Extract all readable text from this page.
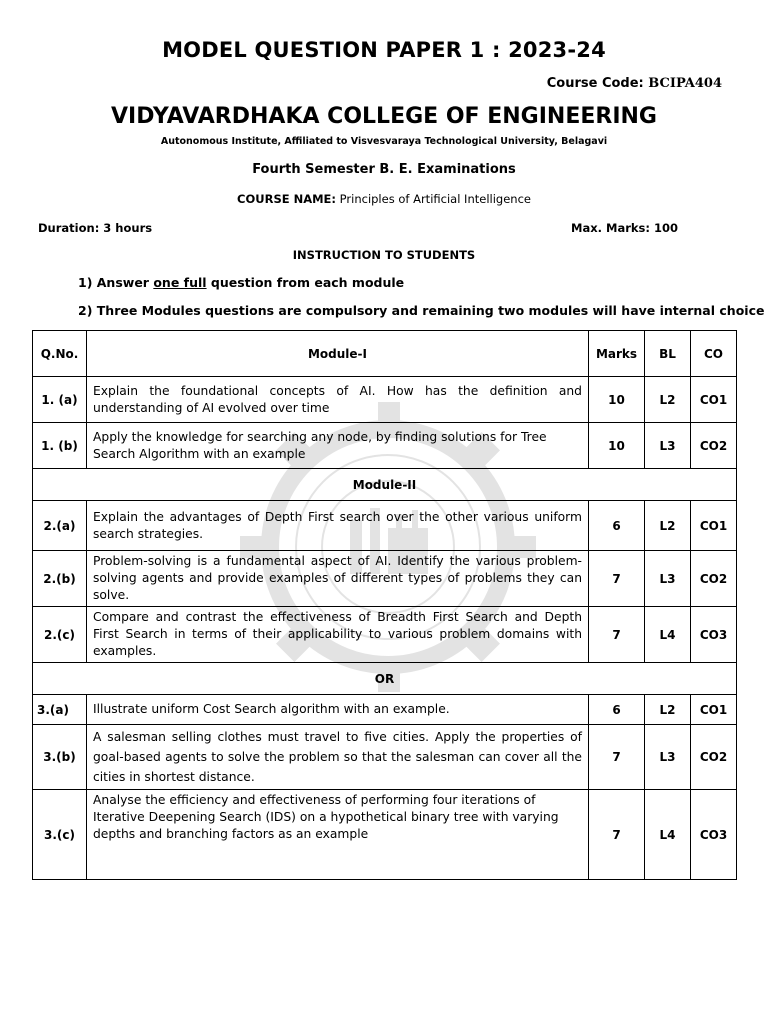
MODEL QUESTION PAPER 1 : 2023-24
Course Code: BCIPA404
VIDYAVARDHAKA COLLEGE OF ENGINEERING
Autonomous Institute, Affiliated to Visvesvaraya Technological University, Belagavi
Fourth Semester B. E. Examinations
COURSE NAME: Principles of Artificial Intelligence
Duration: 3 hours	Max. Marks: 100
INSTRUCTION TO STUDENTS
1) Answer one full question from each module
2) Three Modules questions are compulsory and remaining two modules will have internal choice
Q.No.	Module-I	Marks	BL	CO
1. (a)	Explain the foundational concepts of AI. How has the definition and understanding of AI evolved over time	10	L2	CO1
1. (b)	Apply the knowledge for searching any node, by finding solutions for Tree Search Algorithm with an example	10	L3	CO2
Module-II				
2.(a)	Explain the advantages of Depth First search over the other various uniform search strategies.	6	L2	CO1
2.(b)	Problem-solving is a fundamental aspect of AI. Identify the various problem-solving agents and provide examples of different types of problems they can solve.	7	L3	CO2
2.(c)	Compare and contrast the effectiveness of Breadth First Search and Depth First Search in terms of their applicability to various problem domains with examples.	7	L4	CO3
OR				
3.(a)	Illustrate uniform Cost Search algorithm with an example.	6	L2	CO1
3.(b)	A salesman selling clothes must travel to five cities. Apply the properties of goal-based agents to solve the problem so that the salesman can cover all the cities in shortest distance.	7	L3	CO2
3.(c)	Analyse the efficiency and effectiveness of performing four iterations of Iterative Deepening Search (IDS) on a hypothetical binary tree with varying depths and branching factors as an example	7	L4	CO3
